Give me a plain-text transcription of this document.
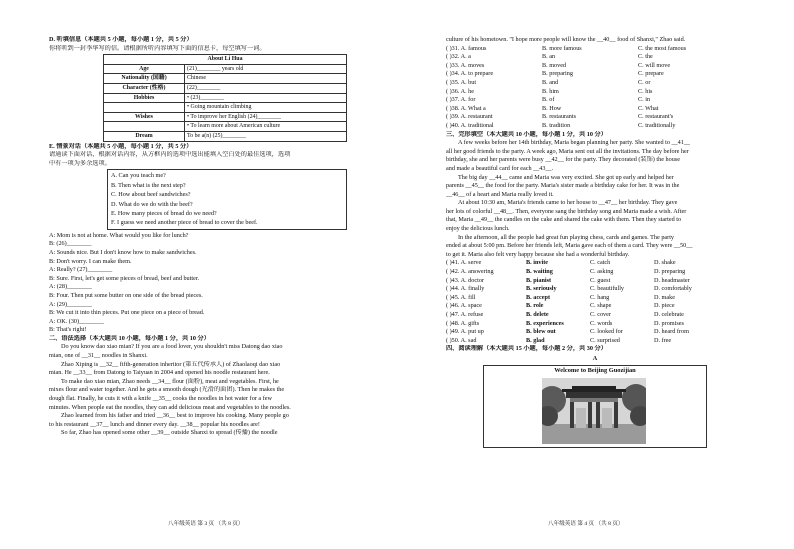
D. 听填信息（本题共 5 小题，每小题 1 分，共 5 分）
你将听到一封李华写的信。请根据所听内容填写下面的信息卡，每空填写一词。
About Li Hua	
Age	(21)________ years old
Nationality (国籍)	Chinese
Character (性格)	(22)________
Hobbies	• (23)________
	• Going mountain climbing
Wishes	• To improve her English (24)________
	• To learn more about American culture
Dream	To be a(n) (25)________
E. 情景对话（本题共 5 小题，每小题 1 分，共 5 分）
请通读下面对话，根据对话内容，从方框内的选项中选出能填入空白处的最佳选项，选项
中有一项为多余选项。
A. Can you teach me?
B. Then what is the next step?
C. How about beef sandwiches?
D. What do we do with the beef?
E. How many pieces of bread do we need?
F. I guess we need another piece of bread to cover the beef.
A: Mom is not at home. What would you like for lunch?
B: (26)________
A: Sounds nice. But I don't know how to make sandwiches.
B: Don't worry. I can make them.
A: Really? (27)________
B: Sure. First, let's get some pieces of bread, beef and butter.
A: (28)________
B: Four. Then put some butter on one side of the bread pieces.
A: (29)________
B: We cut it into thin pieces. Put one piece on a piece of bread.
A: OK. (30)________
B: That's right!
二、语法选择（本大题共 10 小题，每小题 1 分，共 10 分）
Do you know dao xiao mian? If you are a food lover, you shouldn't miss Datong dao xiao
mian, one of __31__ noodles in Shanxi.
Zhao Xiping is __32__ fifth-generation inheritor (第五代传承人) of Zhaolaoqi dao xiao
mian. He __33__ from Datong to Taiyuan in 2004 and opened his noodle restaurant here.
To make dao xiao mian, Zhao needs __34__ flour (面粉), meat and vegetables. First, he
mixes flour and water together. And he gets a smooth dough (光滑的面团). Then he makes the
dough flat. Finally, he cuts it with a knife __35__ cooks the noodles in hot water for a few
minutes. When people eat the noodles, they can add delicious meat and vegetables to the noodles.
Zhao learned from his father and tried __36__ best to improve his cooking. Many people go
to his restaurant __37__ lunch and dinner every day. __38__ popular his noodles are!
So far, Zhao has opened some other __39__ outside Shanxi to spread (传播) the noodle
八年级英语 第 3 页 （共 8 页）
culture of his hometown. "I hope more people will know the __40__ food of Shanxi," Zhao said.
( )31. A. famous	B. more famous	C. the most famous
( )32. A. a	B. an	C. the
( )33. A. moves	B. moved	C. will move
( )34. A. to prepare	B. preparing	C. prepare
( )35. A. but	B. and	C. or
( )36. A. he	B. him	C. his
( )37. A. for	B. of	C. in
( )38. A. What a	B. How	C. What
( )39. A. restaurant	B. restaurants	C. restaurant's
( )40. A. traditional	B. tradition	C. traditionally
三、完形填空（本大题共 10 小题，每小题 1 分，共 10 分）
A few weeks before her 14th birthday, Maria began planning her party. She wanted to __41__
all her good friends to the party. A week ago, Maria sent out all the invitations. The day before her
birthday, she and her parents were busy __42__ for the party. They decorated (装饰) the house
and made a beautiful card for each __43__.
The big day __44__ came and Maria was very excited. She got up early and helped her
parents __45__ the food for the party. Maria's sister made a birthday cake for her. It was in the
__46__ of a heart and Maria really loved it.
At about 10:30 am, Maria's friends came to her house to __47__ her birthday. They gave
her lots of colorful __48__. Then, everyone sang the birthday song and Maria made a wish. After
that, Maria __49__ the candles on the cake and shared the cake with them. Then they started to
enjoy the delicious lunch.
In the afternoon, all the people had great fun playing chess, cards and games. The party
ended at about 5:00 pm. Before her friends left, Maria gave each of them a card. They were __50__
to get it. Maria also felt very happy because she had a wonderful birthday.
( )41. A. serve	B. invite	C. catch	D. shake
( )42. A. answering	B. waiting	C. asking	D. preparing
( )43. A. doctor	B. pianist	C. guest	D. headmaster
( )44. A. finally	B. seriously	C. beautifully	D. comfortably
( )45. A. fill	B. accept	C. hang	D. make
( )46. A. space	B. role	C. shape	D. piece
( )47. A. refuse	B. delete	C. cover	D. celebrate
( )48. A. gifts	B. experiences	C. words	D. promises
( )49. A. put up	B. blew out	C. looked for	D. heard from
( )50. A. sad	B. glad	C. surprised	D. free
四、阅读理解（本大题共 15 小题，每小题 2 分，共 30 分）
A
Welcome to Beijing Guozijian
八年级英语 第 4 页 （共 8 页）
